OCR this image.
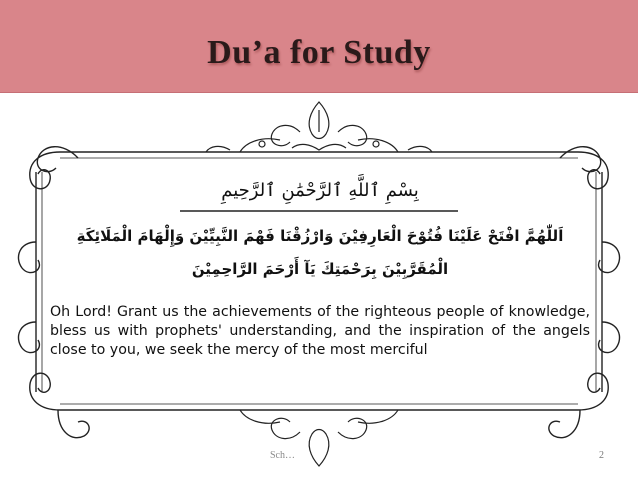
Du’a for Study
بِسْمِ ٱللَّهِ ٱلرَّحْمَٰنِ ٱلرَّحِيمِ
اَللّٰهُمَّ افْتَحْ عَلَيْنَا فُتُوْحَ الْعَارِفِيْنَ وَارْزُقْنَا فَهْمَ النَّبِيِّيْنَ وَإِلْهَامَ الْمَلَائِكَةِ
الْمُقَرَّبِيْنَ بِرَحْمَتِكَ يَآ أَرْحَمَ الرَّاحِمِيْنَ
Oh Lord! Grant us the achievements of the righteous people of knowledge, bless us with prophets' understanding, and the inspiration of the angels close to you, we seek the mercy of the most merciful
Sch…	2
